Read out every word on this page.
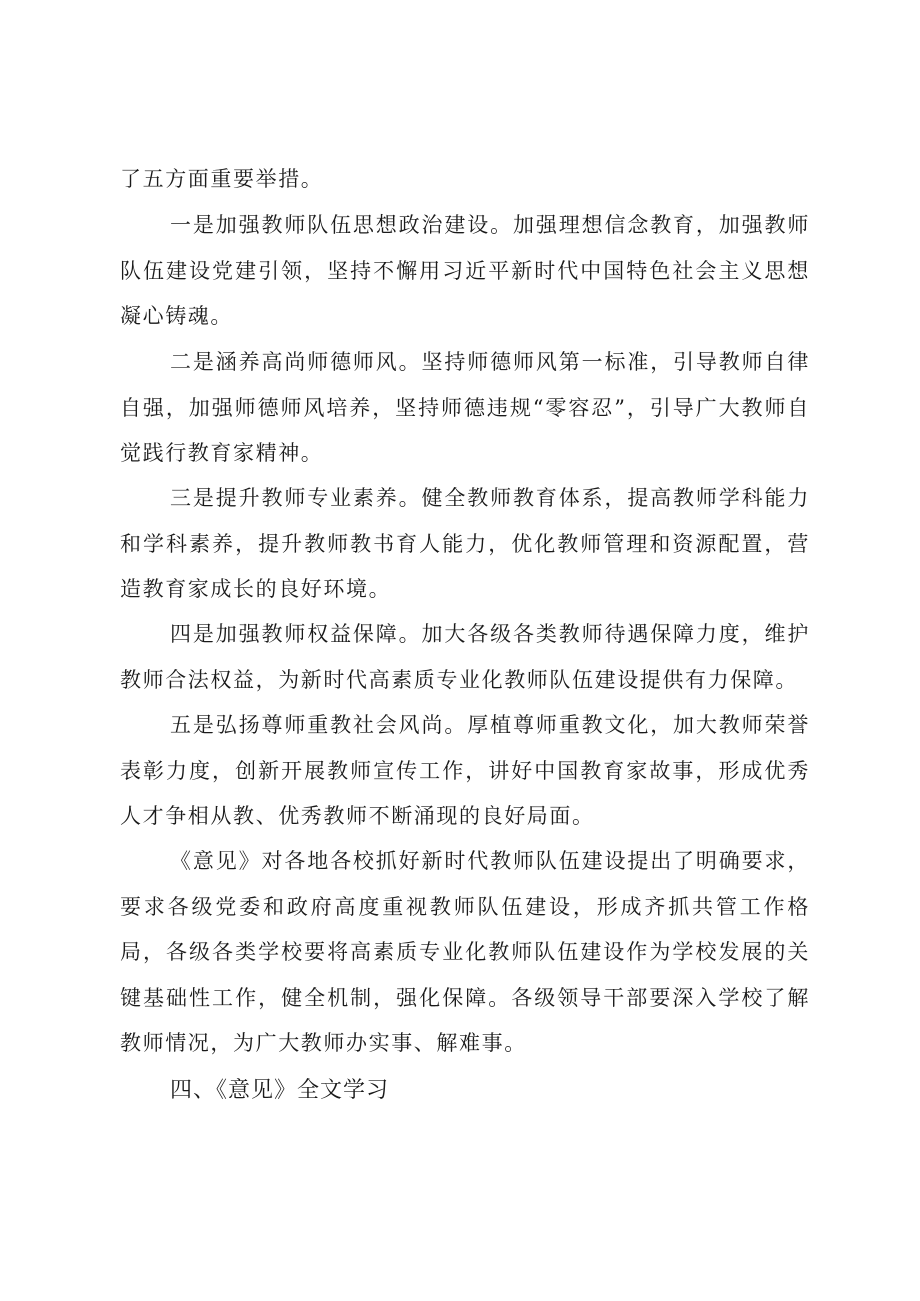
了五方面重要举措。

一是加强教师队伍思想政治建设。加强理想信念教育，加强教师队伍建设党建引领，坚持不懈用习近平新时代中国特色社会主义思想凝心铸魂。

二是涵养高尚师德师风。坚持师德师风第一标准，引导教师自律自强，加强师德师风培养，坚持师德违规“零容忍”，引导广大教师自觉践行教育家精神。

三是提升教师专业素养。健全教师教育体系，提高教师学科能力和学科素养，提升教师教书育人能力，优化教师管理和资源配置，营造教育家成长的良好环境。

四是加强教师权益保障。加大各级各类教师待遇保障力度，维护教师合法权益，为新时代高素质专业化教师队伍建设提供有力保障。

五是弘扬尊师重教社会风尚。厚植尊师重教文化，加大教师荣誉表彰力度，创新开展教师宣传工作，讲好中国教育家故事，形成优秀人才争相从教、优秀教师不断涌现的良好局面。

《意见》对各地各校抓好新时代教师队伍建设提出了明确要求，要求各级党委和政府高度重视教师队伍建设，形成齐抓共管工作格局，各级各类学校要将高素质专业化教师队伍建设作为学校发展的关键基础性工作，健全机制，强化保障。各级领导干部要深入学校了解教师情况，为广大教师办实事、解难事。

四、《意见》全文学习
